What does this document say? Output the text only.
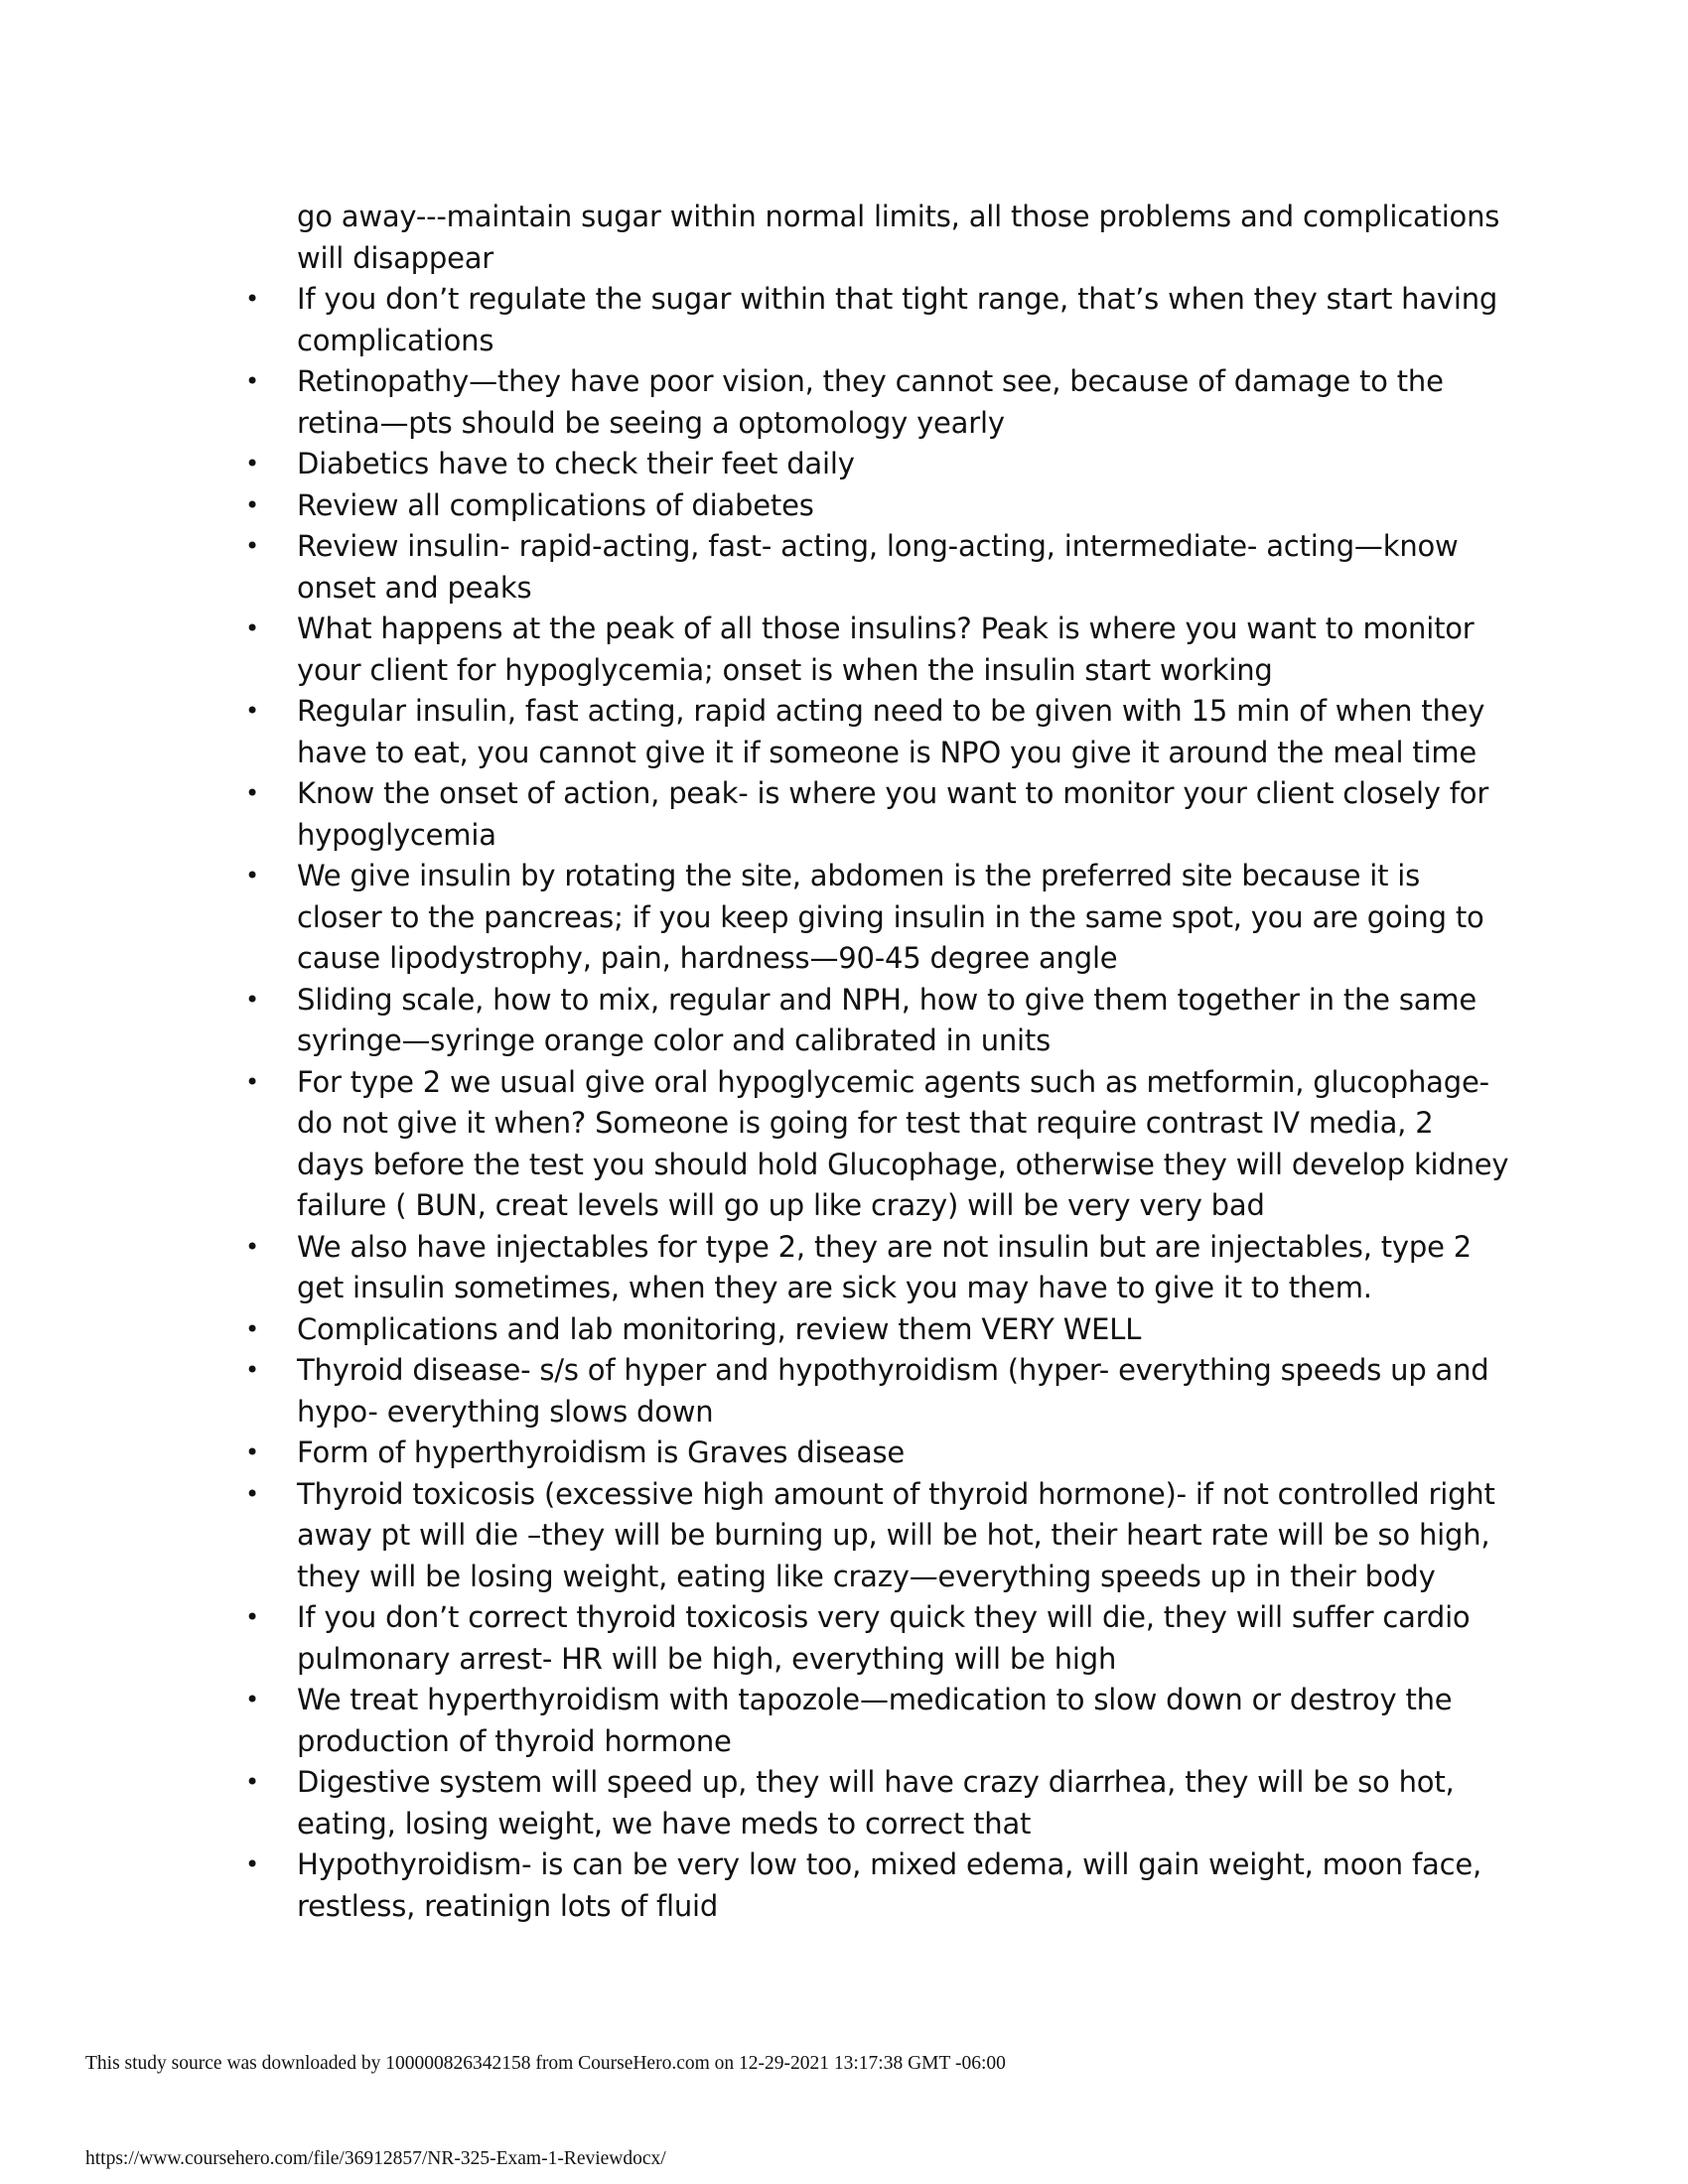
go away---maintain sugar within normal limits, all those problems and complications will disappear

• If you don’t regulate the sugar within that tight range, that’s when they start having complications
• Retinopathy—they have poor vision, they cannot see, because of damage to the retina—pts should be seeing a optomology yearly
• Diabetics have to check their feet daily
• Review all complications of diabetes
• Review insulin- rapid-acting, fast- acting, long-acting, intermediate- acting—know onset and peaks
• What happens at the peak of all those insulins? Peak is where you want to monitor your client for hypoglycemia; onset is when the insulin start working
• Regular insulin, fast acting, rapid acting need to be given with 15 min of when they have to eat, you cannot give it if someone is NPO you give it around the meal time
• Know the onset of action, peak- is where you want to monitor your client closely for hypoglycemia
• We give insulin by rotating the site, abdomen is the preferred site because it is closer to the pancreas; if you keep giving insulin in the same spot, you are going to cause lipodystrophy, pain, hardness—90-45 degree angle
• Sliding scale, how to mix, regular and NPH, how to give them together in the same syringe—syringe orange color and calibrated in units
• For type 2 we usual give oral hypoglycemic agents such as metformin, glucophage- do not give it when? Someone is going for test that require contrast IV media, 2 days before the test you should hold Glucophage, otherwise they will develop kidney failure ( BUN, creat levels will go up like crazy) will be very very bad
• We also have injectables for type 2, they are not insulin but are injectables, type 2 get insulin sometimes, when they are sick you may have to give it to them.
• Complications and lab monitoring, review them VERY WELL
• Thyroid disease- s/s of hyper and hypothyroidism (hyper- everything speeds up and hypo- everything slows down
• Form of hyperthyroidism is Graves disease
• Thyroid toxicosis (excessive high amount of thyroid hormone)- if not controlled right away pt will die –they will be burning up, will be hot, their heart rate will be so high, they will be losing weight, eating like crazy—everything speeds up in their body
• If you don’t correct thyroid toxicosis very quick they will die, they will suffer cardio pulmonary arrest- HR will be high, everything will be high
• We treat hyperthyroidism with tapozole—medication to slow down or destroy the production of thyroid hormone
• Digestive system will speed up, they will have crazy diarrhea, they will be so hot, eating, losing weight, we have meds to correct that
• Hypothyroidism- is can be very low too, mixed edema, will gain weight, moon face, restless, reatinign lots of fluid
This study source was downloaded by 100000826342158 from CourseHero.com on 12-29-2021 13:17:38 GMT -06:00
https://www.coursehero.com/file/36912857/NR-325-Exam-1-Reviewdocx/
